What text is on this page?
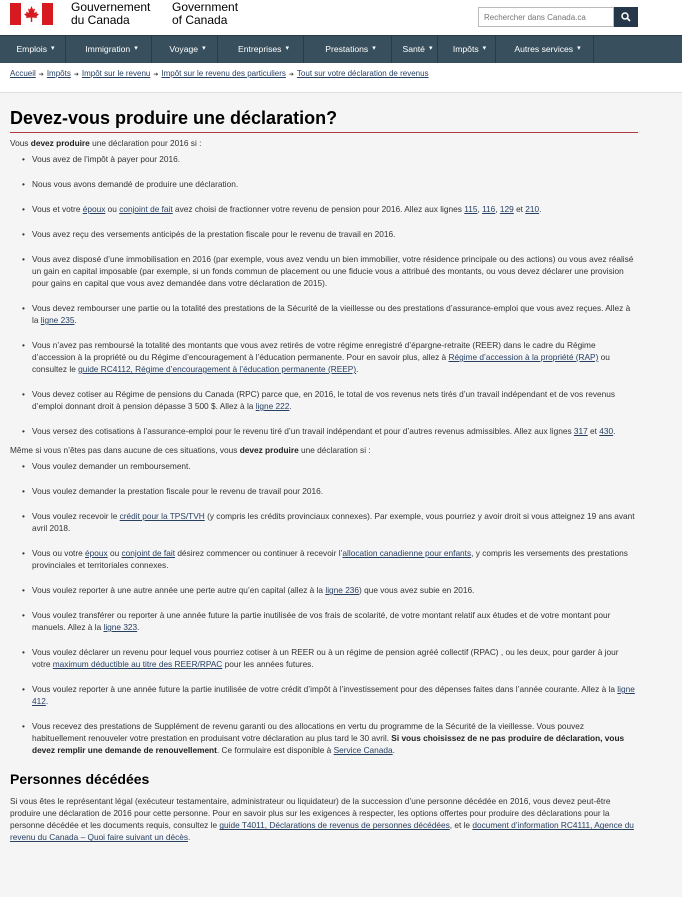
Gouvernement
du Canada
Government
of Canada
Rechercher dans Canada.ca
Emplois ▾	Immigration ▾	Voyage ▾	Entreprises ▾	Prestations ▾	Santé ▾ Impôts ▾	Autres services ▾
Accueil ➔ Impôts ➔ Impôt sur le revenu ➔ Impôt sur le revenu des particuliers ➔ Tout sur votre déclaration de revenus
Devez-vous produire une déclaration?

Vous devez produire une déclaration pour 2016 si :

• Vous avez de l’impôt à payer pour 2016.
• Nous vous avons demandé de produire une déclaration.
• Vous et votre époux ou conjoint de fait avez choisi de fractionner votre revenu de pension pour 2016. Allez aux lignes 115, 116, 129 et 210.
• Vous avez reçu des versements anticipés de la prestation fiscale pour le revenu de travail en 2016.
• Vous avez disposé d’une immobilisation en 2016 (par exemple, vous avez vendu un bien immobilier, votre résidence principale ou des actions) ou vous avez réalisé un gain en capital imposable (par exemple, si un fonds commun de placement ou une fiducie vous a attribué des montants, ou vous devez déclarer une provision pour gains en capital que vous avez demandée dans votre déclaration de 2015).
• Vous devez rembourser une partie ou la totalité des prestations de la Sécurité de la vieillesse ou des prestations d’assurance-emploi que vous avez reçues. Allez à la ligne 235.
• Vous n’avez pas remboursé la totalité des montants que vous avez retirés de votre régime enregistré d’épargne-retraite (REER) dans le cadre du Régime d’accession à la propriété ou du Régime d’encouragement à l’éducation permanente. Pour en savoir plus, allez à Régime d’accession à la propriété (RAP) ou consultez le guide RC4112, Régime d’encouragement à l’éducation permanente (REEP).
• Vous devez cotiser au Régime de pensions du Canada (RPC) parce que, en 2016, le total de vos revenus nets tirés d’un travail indépendant et de vos revenus d’emploi donnant droit à pension dépasse 3 500 $. Allez à la ligne 222.
• Vous versez des cotisations à l’assurance-emploi pour le revenu tiré d’un travail indépendant et pour d’autres revenus admissibles. Allez aux lignes 317 et 430.

Même si vous n’êtes pas dans aucune de ces situations, vous devez produire une déclaration si :

• Vous voulez demander un remboursement.
• Vous voulez demander la prestation fiscale pour le revenu de travail pour 2016.
• Vous voulez recevoir le crédit pour la TPS/TVH (y compris les crédits provinciaux connexes). Par exemple, vous pourriez y avoir droit si vous atteignez 19 ans avant avril 2018.
• Vous ou votre époux ou conjoint de fait désirez commencer ou continuer à recevoir l’allocation canadienne pour enfants, y compris les versements des prestations provinciales et territoriales connexes.
• Vous voulez reporter à une autre année une perte autre qu’en capital (allez à la ligne 236) que vous avez subie en 2016.
• Vous voulez transférer ou reporter à une année future la partie inutilisée de vos frais de scolarité, de votre montant relatif aux études et de votre montant pour manuels. Allez à la ligne 323.
• Vous voulez déclarer un revenu pour lequel vous pourriez cotiser à un REER ou à un régime de pension agréé collectif (RPAC) , ou les deux, pour garder à jour votre maximum déductible au titre des REER/RPAC pour les années futures.
• Vous voulez reporter à une année future la partie inutilisée de votre crédit d’impôt à l’investissement pour des dépenses faites dans l’année courante. Allez à la ligne 412.
• Vous recevez des prestations de Supplément de revenu garanti ou des allocations en vertu du programme de la Sécurité de la vieillesse. Vous pouvez habituellement renouveler votre prestation en produisant votre déclaration au plus tard le 30 avril. Si vous choisissez de ne pas produire de déclaration, vous devez remplir une demande de renouvellement. Ce formulaire est disponible à Service Canada.
Personnes décédées

Si vous êtes le représentant légal (exécuteur testamentaire, administrateur ou liquidateur) de la succession d’une personne décédée en 2016, vous devez peut-être produire une déclaration de 2016 pour cette personne. Pour en savoir plus sur les exigences à respecter, les options offertes pour produire des déclarations pour la personne décédée et les documents requis, consultez le guide T4011, Déclarations de revenus de personnes décédées, et le document d’information RC4111, Agence du revenu du Canada – Quoi faire suivant un décès.
